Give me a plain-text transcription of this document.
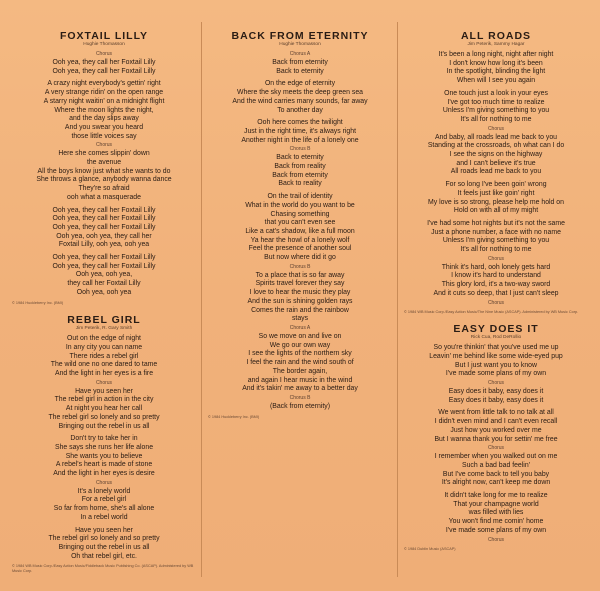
FOXTAIL LILLY
Hughie Thomasson
Chorus
Ooh yea, they call her Foxtail Lilly
Ooh yea, they call her Foxtail Lilly
A crazy night everybody's gettin' right
A very strange ridin' on the open range
A starry night waitin' on a midnight flight
Where the moon lights the night,
and the day slips away
And you swear you heard
those little voices say
Chorus
Here she comes slippin' down
the avenue
All the boys know just what she wants to do
She throws a glance, anybody wanna dance
They're so afraid
ooh what a masquerade
Ooh yea, they call her Foxtail Lilly
Ooh yea, they call her Foxtail Lilly
Ooh yea, they call her Foxtail Lilly
Ooh yea, ooh yea, they call her
Foxtail Lilly, ooh yea, ooh yea
Ooh yea, they call her Foxtail Lilly
Ooh yea, they call her Foxtail Lilly
Ooh yea, ooh yea,
they call her Foxtail Lilly
Ooh yea, ooh yea
© 1984 Huckleberry Inc. (BMI)
REBEL GIRL
Jim Peterik, R. Gary Smith
Out on the edge of night
In any city you can name
There rides a rebel girl
The wild one no one dared to tame
And the light in her eyes is a fire
Chorus
Have you seen her
The rebel girl in action in the city
At night you hear her call
The rebel girl so lonely and so pretty
Bringing out the rebel in us all
Don't try to take her in
She says she runs her life alone
She wants you to believe
A rebel's heart is made of stone
And the light in her eyes is desire
Chorus
It's a lonely world
For a rebel girl
So far from home, she's all alone
In a rebel world
Have you seen her
The rebel girl so lonely and so pretty
Bringing out the rebel in us all
Oh that rebel girl, etc.
© 1984 WB Music Corp./Easy Action Music/Fiddleback Music Publishing Co. (ASCAP). Administered by WB Music Corp.
BACK FROM ETERNITY
Hughie Thomasson
Chorus A
Back from eternity
Back to eternity
On the edge of eternity
Where the sky meets the deep green sea
And the wind carries many sounds, far away
To another day
Ooh here comes the twilight
Just in the right time, it's always right
Another night in the life of a lonely one
Chorus B
Back to eternity
Back from reality
Back from eternity
Back to reality
On the trail of identity
What in the world do you want to be
Chasing something
that you can't even see
Like a cat's shadow, like a full moon
Ya hear the howl of a lonely wolf
Feel the presence of another soul
But now where did it go
Chorus B
To a place that is so far away
Spirits travel forever they say
I love to hear the music they play
And the sun is shining golden rays
Comes the rain and the rainbow
stays
Chorus A
So we move on and live on
We go our own way
I see the lights of the northern sky
I feel the rain and the wind south of
The border again,
and again I hear music in the wind
And it's takin' me away to a better day
Chorus B
(Back from eternity)
© 1984 Huckleberry Inc. (BMI)
ALL ROADS
Jim Peterik, Sammy Hagar
It's been a long night, night after night
I don't know how long it's been
In the spotlight, blinding the light
When will I see you again
One touch just a look in your eyes
I've got too much time to realize
Unless I'm giving something to you
It's all for nothing to me
Chorus
And baby, all roads lead me back to you
Standing at the crossroads, oh what can I do
I see the signs on the highway
and I can't believe it's true
All roads lead me back to you
For so long I've been goin' wrong
It feels just like goin' right
My love is so strong, please help me hold on
Hold on with all of my might
I've had some hot nights but it's not the same
Just a phone number, a face with no name
Unless I'm giving something to you
It's all for nothing to me
Chorus
Think it's hard, ooh lonely gets hard
I know it's hard to understand
This glory lord, it's a two-way sword
And it cuts so deep, that I just can't sleep
Chorus
© 1984 WB Music Corp./Easy Action Music/The Nine Music (ASCAP). Administered by WB Music Corp.
EASY DOES IT
Rick Cua, Rod DeRollio
So you're thinkin' that you've used me up
Leavin' me behind like some wide-eyed pup
But I just want you to know
I've made some plans of my own
Chorus
Easy does it baby, easy does it
Easy does it baby, easy does it
We went from little talk to no talk at all
I didn't even mind and I can't even recall
Just how you worked over me
But I wanna thank you for settin' me free
Chorus
I remember when you walked out on me
Such a bad bad feelin'
But I've come back to tell you baby
It's alright now, can't keep me down
It didn't take long for me to realize
That your champagne world
was filled with lies
You won't find me comin' home
I've made some plans of my own
Chorus
© 1984 Dublin Music (ASCAP)
